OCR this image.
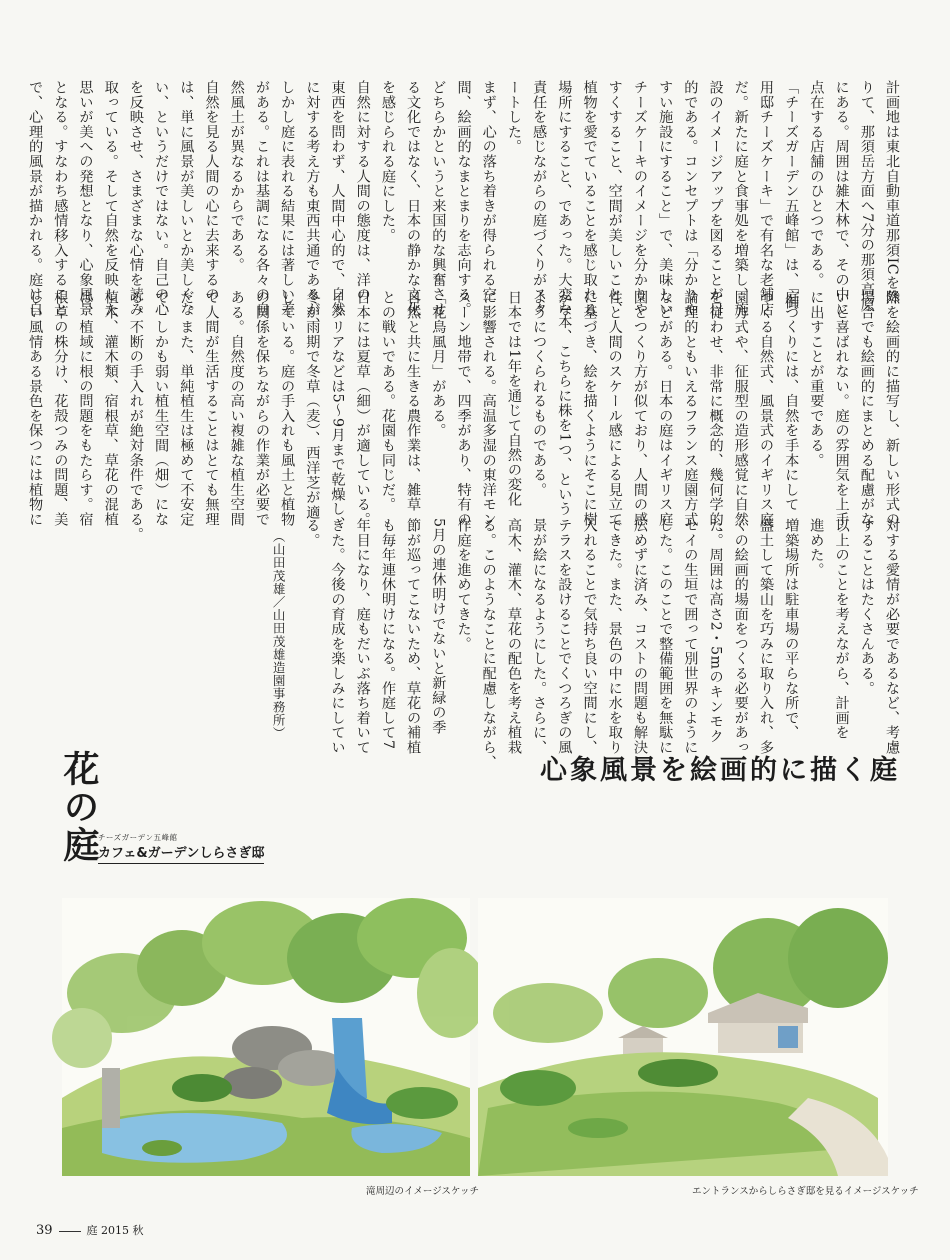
計画地は東北自動車道那須ICを降
りて、那須岳方面へ7分の那須高原
にある。周囲は雑木林で、その中に
点在する店舗のひとつである。
「チーズガーデン五峰館」は、「御
用邸チーズケーキ」で有名な老舗店
だ。新たに庭と食事処を増築し、施
設のイメージアップを図ることが目
的である。コンセプトは「分かりや
すい施設にすること」で、美味しい
チーズケーキのイメージを分かりや
すくすること、空間が美しいこと、
植物を愛でていることを感じ取れる
場所にすること、であった。大変な
責任を感じながらの庭づくりがスタ
ートした。
まず、心の落ち着きが得られる空
間、絵画的なまとまりを志向する。
どちらかというと来国的な興奮させ
る文化ではなく、日本の静かな文化
を感じられる庭にした。
自然に対する人間の態度は、洋の
東西を問わず、人間中心的で、自然
に対する考え方も東西共通であるが、
しかし庭に表れる結果には著しい差
がある。これは基調になる各々の自
然風土が異なるからである。
自然を見る人間の心に去来するの
は、単に風景が美しいとか美しくな
い、というだけではない。自己の心
を反映させ、さまざまな心情を読み
取っている。そして自然を反映した
思いが美への発想となり、心象風景
となる。すなわち感情移入すること
で、心理的風景が描かれる。庭は自
然を絵画的に描写し、新しい形式の
場合でも絵画的にまとめる配慮がな
いと喜ばれない。庭の雰囲気を上手
に出すことが重要である。
庭づくりには、自然を手本にして
つくる自然式、風景式のイギリス庭
園方式や、征服型の造形感覚に自然
を従わせ、非常に概念的、幾何学的、
論理的ともいえるフランス庭園方式
などがある。日本の庭はイギリス庭
園とつくり方が似ており、人間の感
性と人間のスケール感による見立て
に基づき、絵を描くようにそこに樹
が1本、こちらに株を1つ、という
ようにつくられるものである。
日本では1年を通じて自然の変化
に影響される。高温多湿の東洋モン
スーン地帯で、四季があり、特有の
「花鳥風月」がある。
自然と共に生きる農作業は、雑草
との戦いである。花園も同じだ。
日本には夏草（細）が適している。
イタリアなどは5〜9月まで乾燥し、
冬が雨期で冬草（麦）、西洋芝が適
している。庭の手入れも風土と植物
の関係を保ちながらの作業が必要で
ある。自然度の高い複雑な植生空間
で人間が生活することはとても無理
だ。また、単純植生は極めて不安定
で、しかも弱い植生空間（畑）にな
る。不断の手入れが絶対条件である。
植木、灌木類、宿根草、草花の混植
は、植域に根の問題をもたらす。宿
根草の株分け、花殻つみの問題、美
しい風情ある景色を保つには植物に
対する愛情が必要であるなど、考慮
することはたくさんある。
以上のことを考えながら、計画を
進めた。
増築場所は駐車場の平らな所で、
盛土して築山を巧みに取り入れ、多
くの絵画的場面をつくる必要があっ
た。周囲は高さ2・5mのキンモク
セイの生垣で囲って別世界のように
した。このことで整備範囲を無駄に
広めずに済み、コストの問題も解決
できた。また、景色の中に水を取り
入れることで気持ち良い空間にし、
テラスを設けることでくつろぎの風
景が絵になるようにした。さらに、
高木、灌木、草花の配色を考え植栽
る。このようなことに配慮しながら、
作庭を進めてきた。
5月の連休明けでないと新緑の季
節が巡ってこないため、草花の補植
も毎年連休明けになる。作庭して7
年目になり、庭もだいぶ落ち着いて
きた。今後の育成を楽しみにしてい
る。
（山田茂雄／山田茂雄造園事務所）
心象風景を絵画的に描く庭
花の庭 チーズガーデン五峰館
カフェ&ガーデンしらさぎ邸
滝周辺のイメージスケッチ	エントランスからしらさぎ邸を見るイメージスケッチ
39	庭 2015 秋
